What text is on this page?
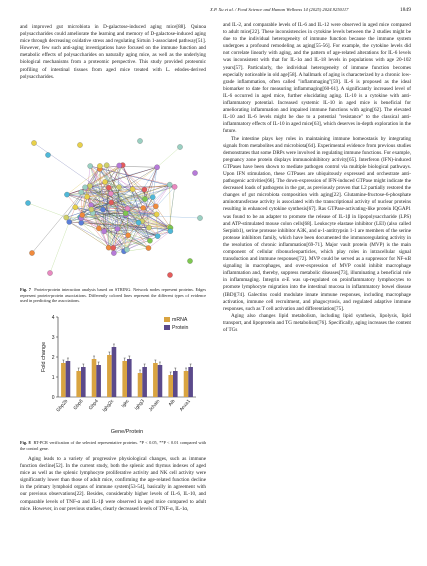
X.P. Xu et al. / Food Science and Human Wellness 14 (2025) 2024.9250117	1849

and improved gut microbiota in D-galactose-induced aging mice[88]. Quinoa polysaccharides could ameliorate the learning and memory of D-galactose-induced aging mice through decreasing oxidative stress and regulating Sirtuin 1-associated pathway[51]. However, few such anti-aging investigations have focused on the immune function and metabolic effects of polysaccharides on naturally aging mice, as well as the underlying biological mechanisms from a proteomic perspective. This study provided proteomic profiling of intestinal tissues from aged mice treated with L. edodes-derived polysaccharides.

Fig. 7 Protein-protein interaction analysis based on STRING. Network nodes represent proteins. Edges represent protein-protein associations. Differently colored lines represent the different types of evidence used in predicting the associations.
0
1
2
3
4
Fold change
Gbp2b Gbp8 Gbp4 Ighg2c Igkc Ighg3 Jchain Alb Anxa1
Gene/Protein
mRNA
Protein
Fig. 8 RT-PCR verification of the selected representative proteins. *P < 0.05, **P < 0.01 compared with the control gene.

Aging leads to a variety of progressive physiological changes, such as immune function decline[52]. In the current study, both the splenic and thymus indexes of aged mice as well as the splenic lymphocyte proliferative activity and NK cell activity were significantly lower than those of adult mice, confirming the age-related function decline in the primary lymphoid organs of immune system[53-54], basically in agreement with our previous observations[22]. Besides, considerably higher levels of IL-6, IL-10, and comparable levels of TNF-α and IL-1β were observed in aged mice compared to adult mice. However, in our previous studies, clearly decreased levels of TNF-α, IL-1α,

and IL-2, and comparable levels of IL-6 and IL-12 were observed in aged mice compared to adult mice[22]. These inconsistencies in cytokine levels between the 2 studies might be due to the individual heterogeneity of immune function because the immune system undergoes a profound remodeling as aging[55-56]. For example, the cytokine levels did not correlate linearly with aging, and the pattern of age-related alterations for IL-6 levels was inconsistent with that for IL-1α and IL-18 levels in populations with age 20-102 years[57]. Particularly, the individual heterogeneity of immune function becomes especially noticeable in old age[58]. A hallmark of aging is characterized by a chronic low-grade inflammation, often called "inflammaging"[59]. IL-6 is proposed as the ideal biomarker to date for measuring inflammaging[60-61]. A significantly increased level of IL-6 occurred in aged mice, further elucidating aging. IL-10 is a cytokine with anti-inflammatory potential. Increased systemic IL-10 in aged mice is beneficial for ameliorating inflammation and impaired immune functions with aging[62]. The elevated IL-10 and IL-6 levels might be due to a potential "resistance" to the classical anti-inflammatory effects of IL-10 in aged mice[63], which deserves in-depth exploration in the future.

The intestine plays key roles in maintaining immune homeostasis by integrating signals from metabolites and microbiota[64]. Experimental evidence from previous studies demonstrates that some DRPs were involved in regulating immune functions. For example, pregnancy zone protein displays immunoinhibitory activity[65]. Interferon (IFN)-induced GTPases have been shown to mediate pathogen control via multiple biological pathways. Upon IFN stimulation, these GTPases are ubiquitously expressed and orchestrate anti-pathogenic activities[66]. The down-expression of IFN-induced GTPase might indicate the decreased loads of pathogens in the gut, as previously proven that L2 partially restored the changes of gut microbiota composition with aging[22]. Glutamine-fructose-6-phosphate aminotransferase activity is associated with the transcriptional activity of nuclear proteins resulting in enhanced cytokine synthesis[67]. Ras GTPase-activating-like protein IQGAP1 was found to be an adapter to promote the release of IL-1β in lipopolysaccharide (LPS) and ATP-stimulated mouse colon cells[68]. Leukocyte elastase inhibitor (LEI) (also called Serpinb1), serine protease inhibitor A3K, and α-1-antitrypsin 1-1 are members of the serine protease inhibitors family, which have been documented the immunoregulating activity in the resolution of chronic inflammation[69-71]. Major vault protein (MVP) is the main component of cellular ribonucleoparticles, which play roles in intracellular signal transduction and immune responses[72]. MVP could be served as a suppressor for NF-κB signaling in macrophages, and over-expression of MVP could inhibit macrophage inflammation and, thereby, suppress metabolic diseases[73], illuminating a beneficial role in inflammaging. Integrin α-E was up-regulated on proinflammatory lymphocytes to promote lymphocyte migration into the intestinal mucosa in inflammatory bowel disease (IBD)[74]. Galectins could modulate innate immune responses, including macrophage activation, immune cell recruitment, and phagocytosis, and regulated adaptive immune responses, such as T cell activation and differentiation[75].

Aging also changes lipid metabolism, including lipid synthesis, lipolysis, lipid transport, and lipoprotein and TG metabolism[76]. Specifically, aging increases the content of TGs
